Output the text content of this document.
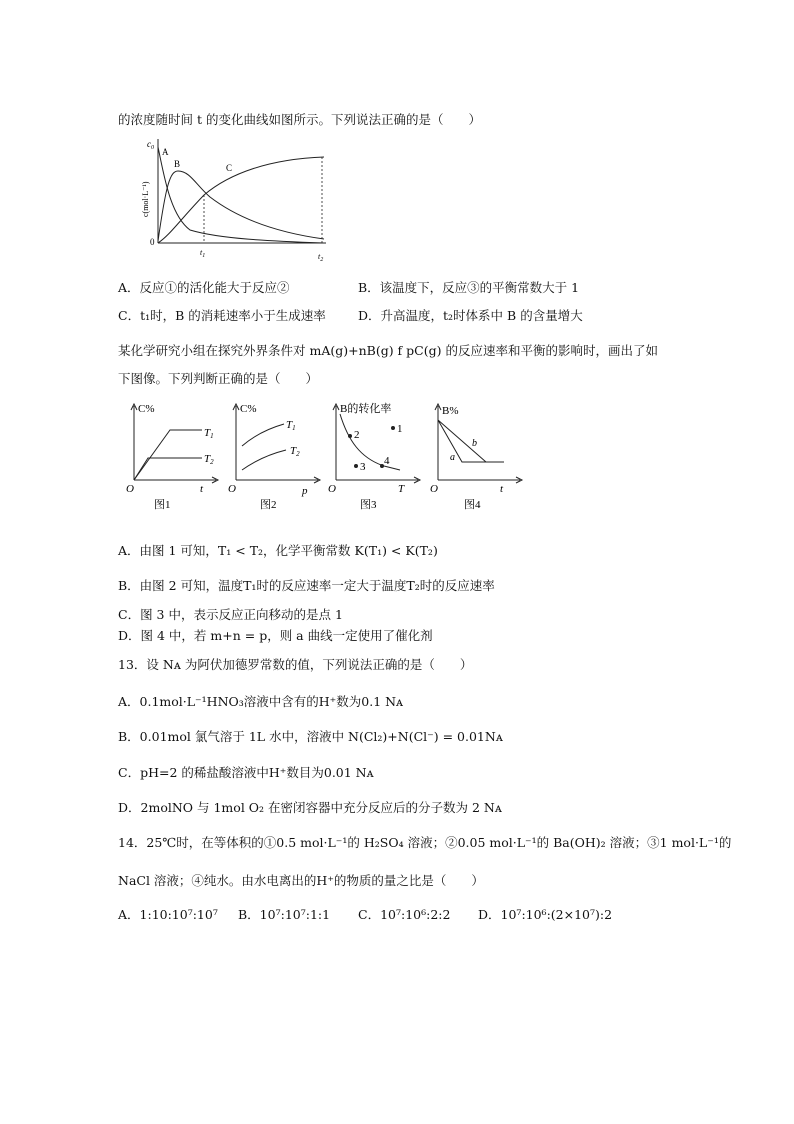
的浓度随时间 t 的变化曲线如图所示。下列说法正确的是（　　）
$c_0$ A
B	C
0
$t_1$	$t_2$
c(mol·L⁻¹)
A．反应①的活化能大于反应②	B．该温度下，反应③的平衡常数大于 1
C．t₁时，B 的消耗速率小于生成速率	D．升高温度，t₂时体系中 B 的含量增大
某化学研究小组在探究外界条件对 mA(g)+nB(g) f pC(g) 的反应速率和平衡的影响时，画出了如
下图像。下列判断正确的是（　　）
C%
O	t
T1
T2
图1
C%
O	p
T1
T2
图2
B的转化率
2	1
3 4
O	T
图3
B%
a
b
O	t
图4
A．由图 1 可知，T₁ < T₂，化学平衡常数 K(T₁) < K(T₂)
B．由图 2 可知，温度T₁时的反应速率一定大于温度T₂时的反应速率
C．图 3 中，表示反应正向移动的是点 1
D．图 4 中，若 m+n = p，则 a 曲线一定使用了催化剂
13．设 Nᴀ 为阿伏加德罗常数的值，下列说法正确的是（　　）
A．0.1mol·L⁻¹HNO₃溶液中含有的H⁺数为0.1 Nᴀ
B．0.01mol 氯气溶于 1L 水中，溶液中 N(Cl₂)+N(Cl⁻) = 0.01Nᴀ
C．pH=2 的稀盐酸溶液中H⁺数目为0.01 Nᴀ
D．2molNO 与 1mol O₂ 在密闭容器中充分反应后的分子数为 2 Nᴀ
14．25℃时，在等体积的①0.5 mol·L⁻¹的 H₂SO₄ 溶液；②0.05 mol·L⁻¹的 Ba(OH)₂ 溶液；③1 mol·L⁻¹的
NaCl 溶液；④纯水。由水电离出的H⁺的物质的量之比是（　　）
A．1:10:10⁷:10⁷ B．10⁷:10⁷:1:1 C．10⁷:10⁶:2:2 D．10⁷:10⁶:(2×10⁷):2
